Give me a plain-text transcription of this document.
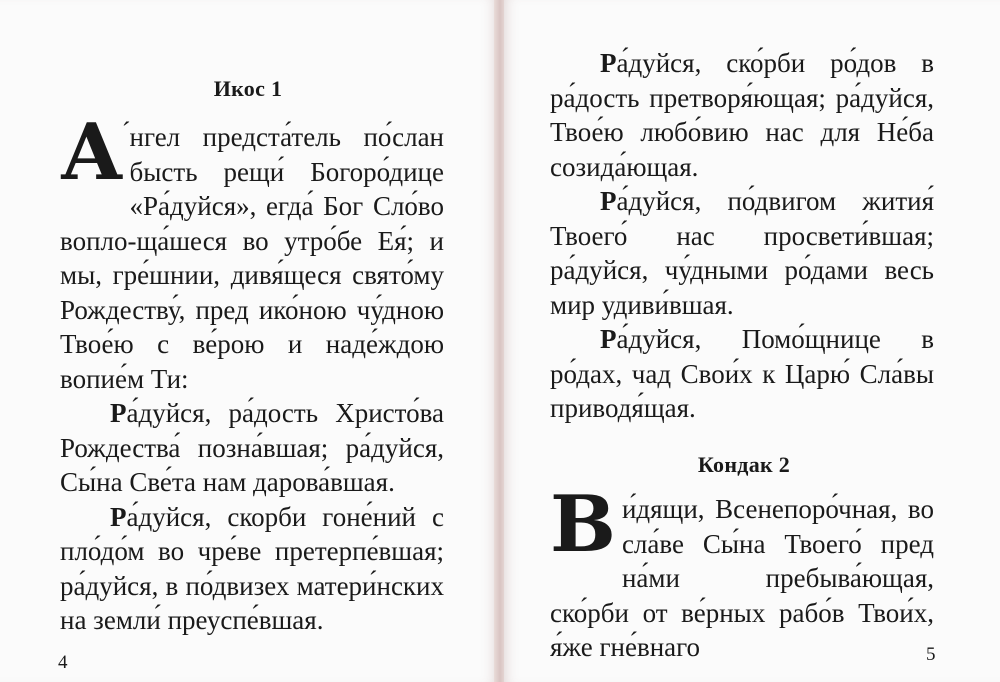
Икос 1

А ́нгел предста́тель по́слан бысть рещи́ Богоро́дице «Ра́дуйся», егда́ Бог Сло́во вопло-ща́шеся во утро́бе Ея́; и мы, гре́шнии, дивя́щеся свято́му Рождеству́, пред ико́ною чу́дною Твое́ю с ве́рою и наде́ждою вопие́м Ти:

Ра́дуйся, ра́дость Христо́ва Рождества́ позна́вшая; ра́дуйся, Сы́на Све́та нам дарова́вшая.

Ра́дуйся, скорби гоне́ний с пло́до́м во чре́ве претерпе́вшая; ра́дуйся, в по́двизех матери́нских на земли́ преуспе́вшая.

4

Ра́дуйся, ско́рби ро́дов в ра́дость претворя́ющая; ра́дуйся, Твое́ю любо́вию нас для Не́ба созида́ющая.

Ра́дуйся, по́двигом жития́ Твоего́ нас просвети́вшая; ра́дуйся, чу́дными ро́дами весь мир удиви́вшая.

Ра́дуйся, Помо́щнице в ро́дах, чад Свои́х к Царю́ Сла́вы приводя́щая.

Кондак 2

Ви́дящи, Всенепоро́чная, во сла́ве Сы́на Твоего́ пред на́ми пребыва́ющая, ско́рби от ве́рных рабо́в Твои́х, я́же гне́внаго	5
